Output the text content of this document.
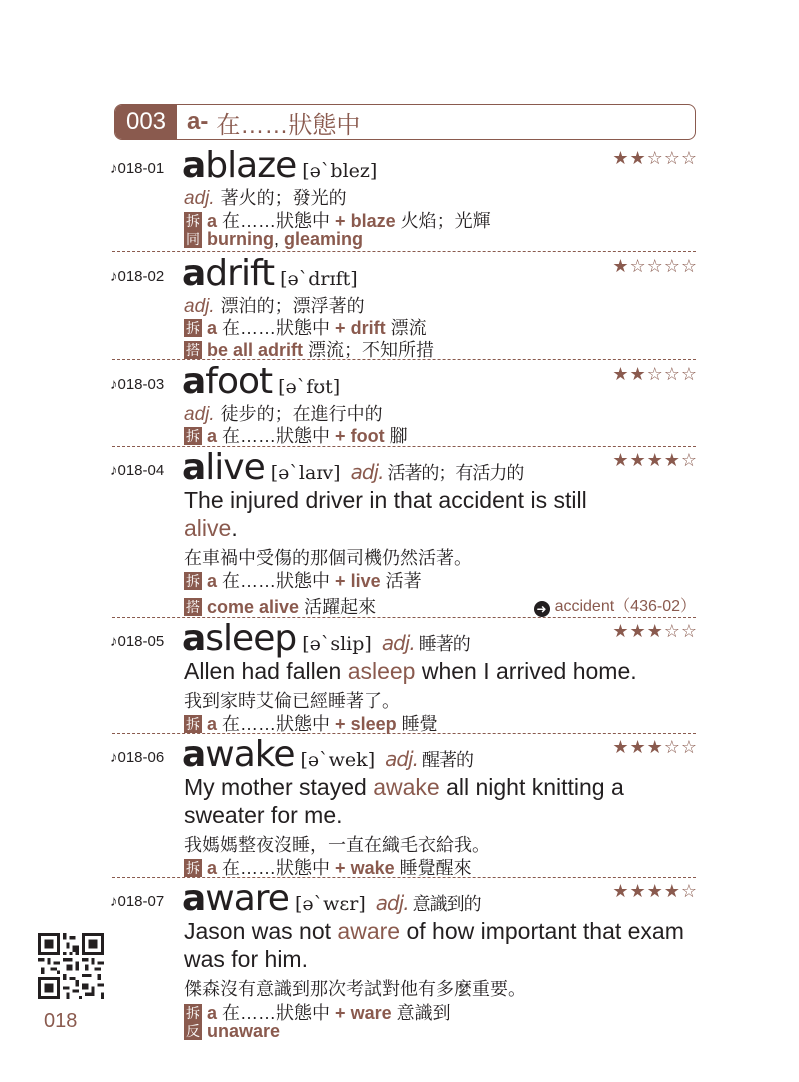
003 a- 在……狀態中
♪018-01 ablaze [ə`blez]
★★☆☆☆
adj. 著火的；發光的
拆 a 在……狀態中 + blaze 火焰；光輝
同 burning, gleaming
♪018-02 adrift [ə`drɪft]
★☆☆☆☆
adj. 漂泊的；漂浮著的
拆 a 在……狀態中 + drift 漂流
搭 be all adrift 漂流；不知所措
♪018-03 afoot [ə`fʊt]
★★☆☆☆
adj. 徒步的；在進行中的
拆 a 在……狀態中 + foot 腳
♪018-04 alive [ə`laɪv] adj. 活著的；有活力的
★★★★☆
The injured driver in that accident is still
alive.
在車禍中受傷的那個司機仍然活著。
拆 a 在……狀態中 + live 活著
搭 come alive 活躍起來	➜ accident（436-02）
♪018-05 asleep [ə`slip] adj. 睡著的
★★★☆☆
Allen had fallen asleep when I arrived home.
我到家時艾倫已經睡著了。
拆 a 在……狀態中 + sleep 睡覺
♪018-06 awake [ə`wek] adj. 醒著的
★★★☆☆
My mother stayed awake all night knitting a sweater for me.
我媽媽整夜沒睡，一直在織毛衣給我。
拆 a 在……狀態中 + wake 睡覺醒來
♪018-07 aware [ə`wɛr] adj. 意識到的
★★★★☆
Jason was not aware of how important that exam was for him.
傑森沒有意識到那次考試對他有多麼重要。
拆 a 在……狀態中 + ware 意識到
反 unaware
018
